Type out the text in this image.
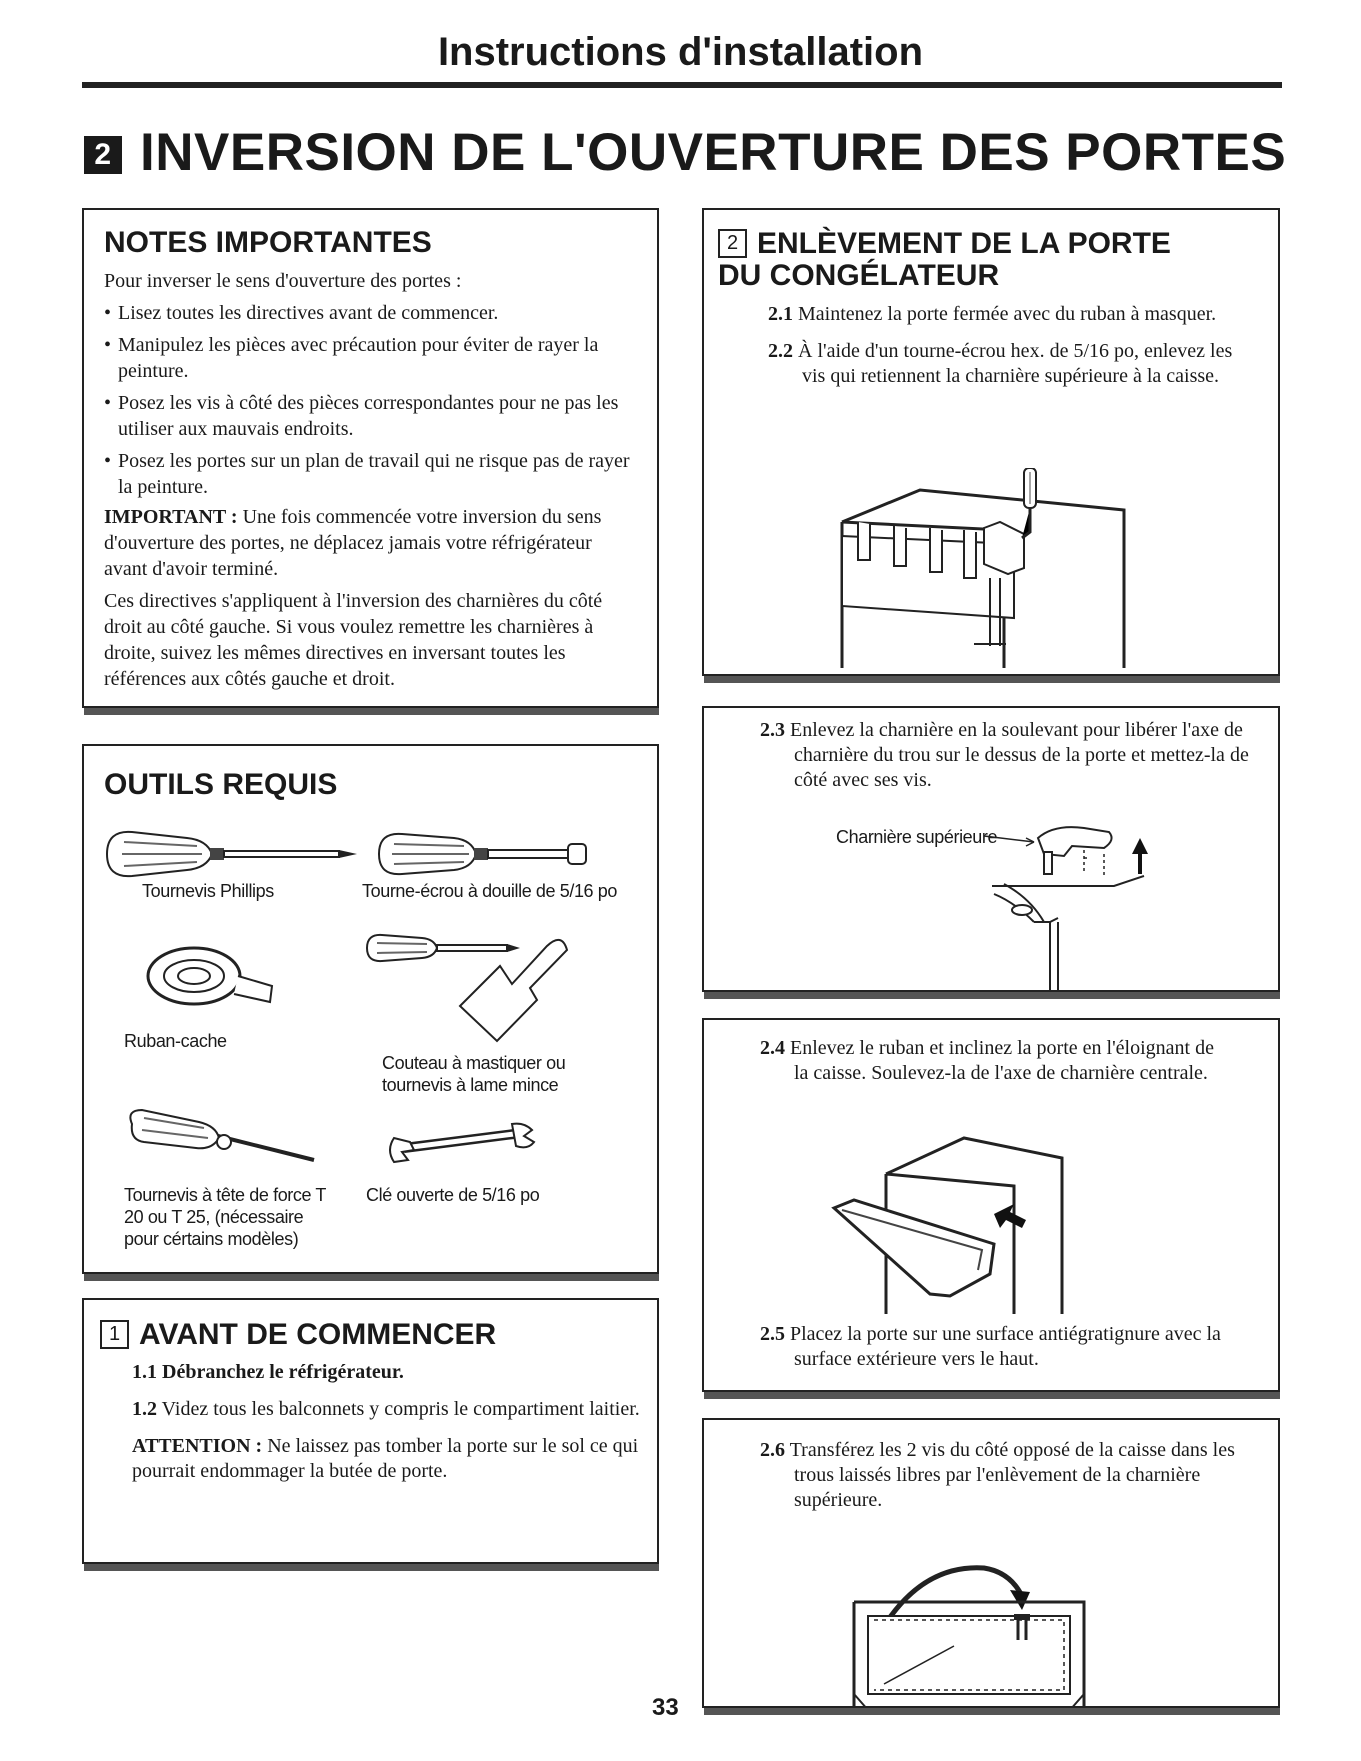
Instructions d'installation
2 INVERSION DE L'OUVERTURE DES PORTES
NOTES IMPORTANTES

Pour inverser le sens d'ouverture des portes :

• Lisez toutes les directives avant de commencer.

• Manipulez les pièces avec précaution pour éviter de rayer la peinture.

• Posez les vis à côté des pièces correspondantes pour ne pas les utiliser aux mauvais endroits.

• Posez les portes sur un plan de travail qui ne risque pas de rayer la peinture.

IMPORTANT : Une fois commencée votre inversion du sens d'ouverture des portes, ne déplacez jamais votre réfrigérateur avant d'avoir terminé.

Ces directives s'appliquent à l'inversion des charnières du côté droit au côté gauche. Si vous voulez remettre les charnières à droite, suivez les mêmes directives en inversant toutes les références aux côtés gauche et droit.

OUTILS REQUIS
Tournevis Phillips	Tourne-écrou à douille de 5/16 po
Ruban-cache
Couteau à mastiquer ou tournevis à lame mince
Tournevis à tête de force T 20 ou T 25, (nécessaire pour cértains modèles)
Clé ouverte de 5/16 po
1 AVANT DE COMMENCER

1.1 Débranchez le réfrigérateur.

1.2 Videz tous les balconnets y compris le compartiment laitier.

ATTENTION : Ne laissez pas tomber la porte sur le sol ce qui pourrait endommager la butée de porte.

2 ENLÈVEMENT DE LA PORTE
DU CONGÉLATEUR

2.1 Maintenez la porte fermée avec du ruban à masquer.

2.2 À l'aide d'un tourne-écrou hex. de 5/16 po, enlevez les vis qui retiennent la charnière supérieure à la caisse.

2.3 Enlevez la charnière en la soulevant pour libérer l'axe de charnière du trou sur le dessus de la porte et mettez-la de côté avec ses vis.

Charnière supérieure

2.4 Enlevez le ruban et inclinez la porte en l'éloignant de la caisse. Soulevez-la de l'axe de charnière centrale.

2.5 Placez la porte sur une surface antiégratignure avec la surface extérieure vers le haut.

2.6 Transférez les 2 vis du côté opposé de la caisse dans les trous laissés libres par l'enlèvement de la charnière supérieure.

33
